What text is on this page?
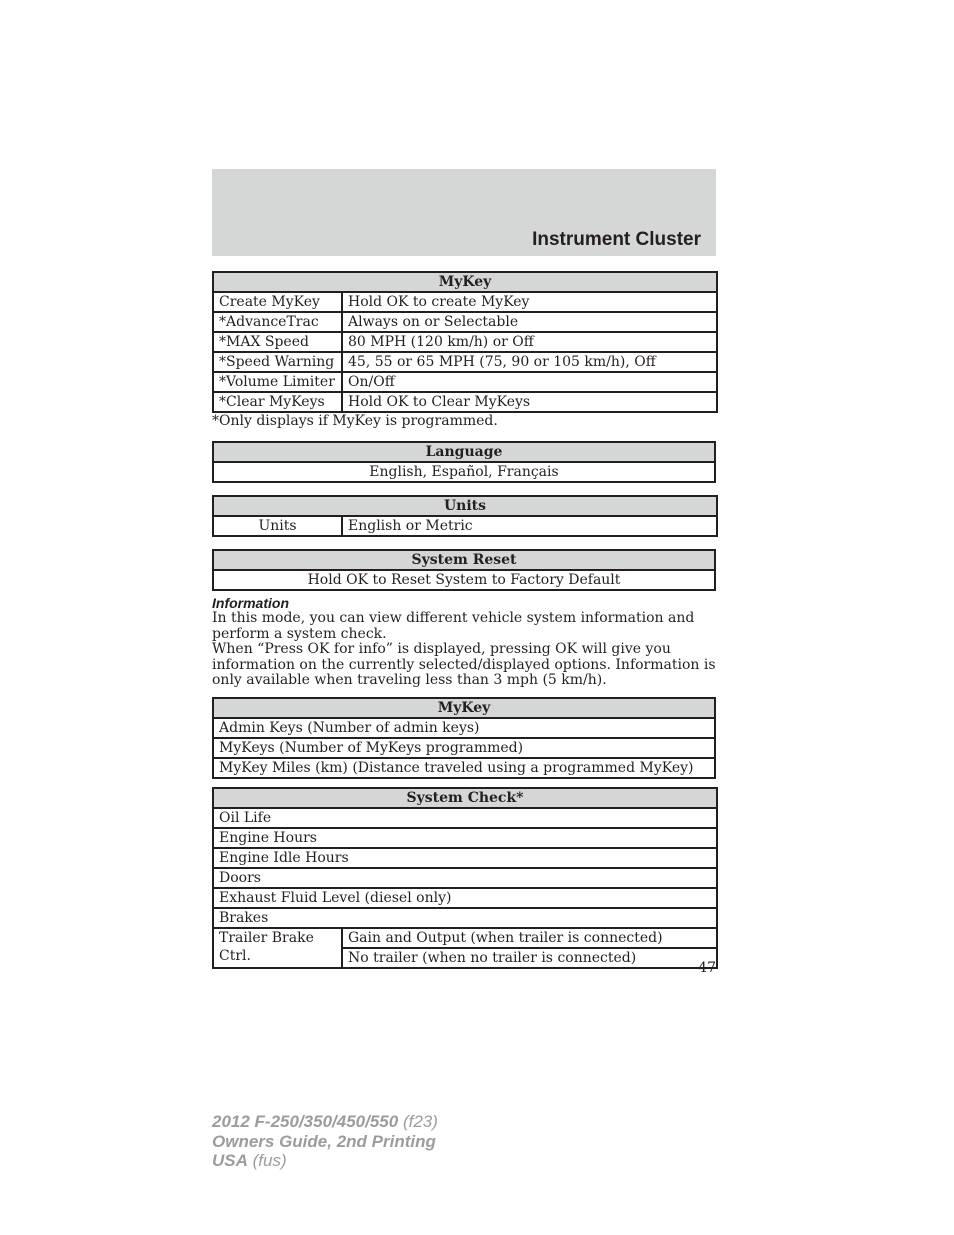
Instrument Cluster
MyKey	
Create MyKey	Hold OK to create MyKey
*AdvanceTrac	Always on or Selectable
*MAX Speed	80 MPH (120 km/h) or Off
*Speed Warning	45, 55 or 65 MPH (75, 90 or 105 km/h), Off
*Volume Limiter	On/Off
*Clear MyKeys	Hold OK to Clear MyKeys

*Only displays if MyKey is programmed.

Language
English, Español, Français
Units
Units	English or Metric
System Reset
Hold OK to Reset System to Factory Default

Information

In this mode, you can view different vehicle system information and perform a system check.

When “Press OK for info” is displayed, pressing OK will give you information on the currently selected/displayed options. Information is only available when traveling less than 3 mph (5 km/h).

MyKey
Admin Keys (Number of admin keys)
MyKeys (Number of MyKeys programmed)
MyKey Miles (km) (Distance traveled using a programmed MyKey)
System Check*
Oil Life
Engine Hours
Engine Idle Hours
Doors
Exhaust Fluid Level (diesel only)
Brakes
Trailer Brake Ctrl.	Gain and Output (when trailer is connected)
No trailer (when no trailer is connected)
47
2012 F-250/350/450/550 (f23)
Owners Guide, 2nd Printing
USA (fus)
